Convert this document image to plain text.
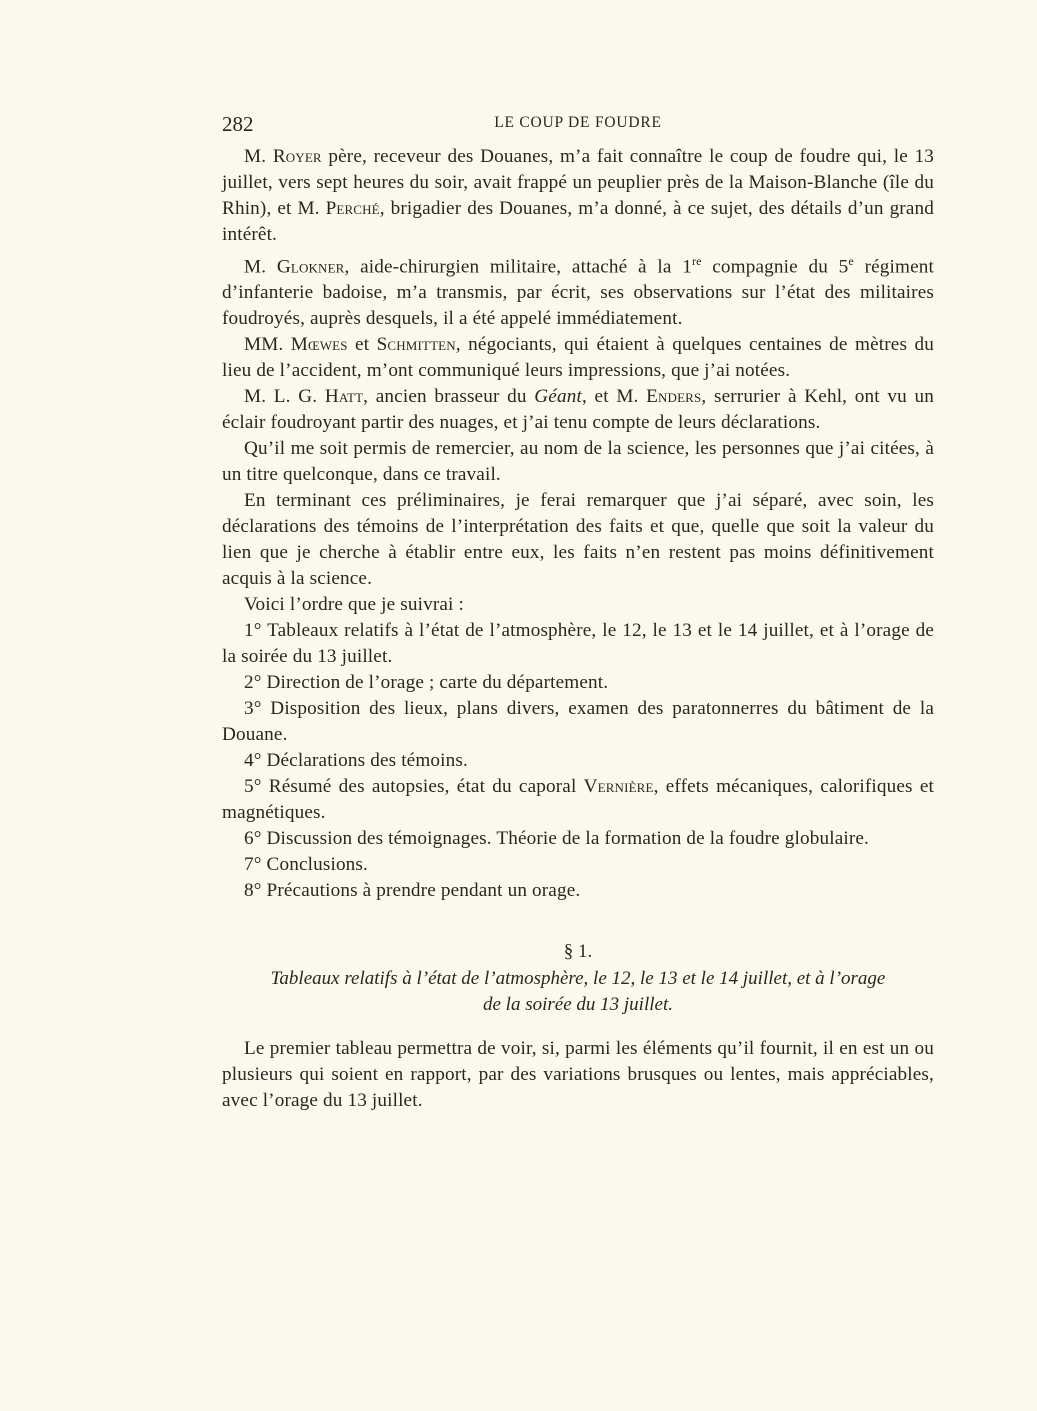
282	LE COUP DE FOUDRE

M. Royer père, receveur des Douanes, m’a fait connaître le coup de foudre qui, le 13 juillet, vers sept heures du soir, avait frappé un peuplier près de la Maison-Blanche (île du Rhin), et M. Perché, brigadier des Douanes, m’a donné, à ce sujet, des détails d’un grand intérêt.

M. Glokner, aide-chirurgien militaire, attaché à la 1re compagnie du 5e régiment d’infanterie badoise, m’a transmis, par écrit, ses observations sur l’état des militaires foudroyés, auprès desquels, il a été appelé immédiatement.

MM. Mœwes et Schmitten, négociants, qui étaient à quelques centaines de mètres du lieu de l’accident, m’ont communiqué leurs impressions, que j’ai notées.

M. L. G. Hatt, ancien brasseur du Géant, et M. Enders, serrurier à Kehl, ont vu un éclair foudroyant partir des nuages, et j’ai tenu compte de leurs déclarations.

Qu’il me soit permis de remercier, au nom de la science, les personnes que j’ai citées, à un titre quelconque, dans ce travail.

En terminant ces préliminaires, je ferai remarquer que j’ai séparé, avec soin, les déclarations des témoins de l’interprétation des faits et que, quelle que soit la valeur du lien que je cherche à établir entre eux, les faits n’en restent pas moins définitivement acquis à la science.

Voici l’ordre que je suivrai :

1° Tableaux relatifs à l’état de l’atmosphère, le 12, le 13 et le 14 juillet, et à l’orage de la soirée du 13 juillet.

2° Direction de l’orage ; carte du département.

3° Disposition des lieux, plans divers, examen des paratonnerres du bâtiment de la Douane.

4° Déclarations des témoins.

5° Résumé des autopsies, état du caporal Vernière, effets mécaniques, calorifiques et magnétiques.

6° Discussion des témoignages. Théorie de la formation de la foudre globulaire.

7° Conclusions.

8° Précautions à prendre pendant un orage.

§ 1.

Tableaux relatifs à l’état de l’atmosphère, le 12, le 13 et le 14 juillet, et à l’orage
de la soirée du 13 juillet.

Le premier tableau permettra de voir, si, parmi les éléments qu’il fournit, il en est un ou plusieurs qui soient en rapport, par des variations brusques ou lentes, mais appréciables, avec l’orage du 13 juillet.
